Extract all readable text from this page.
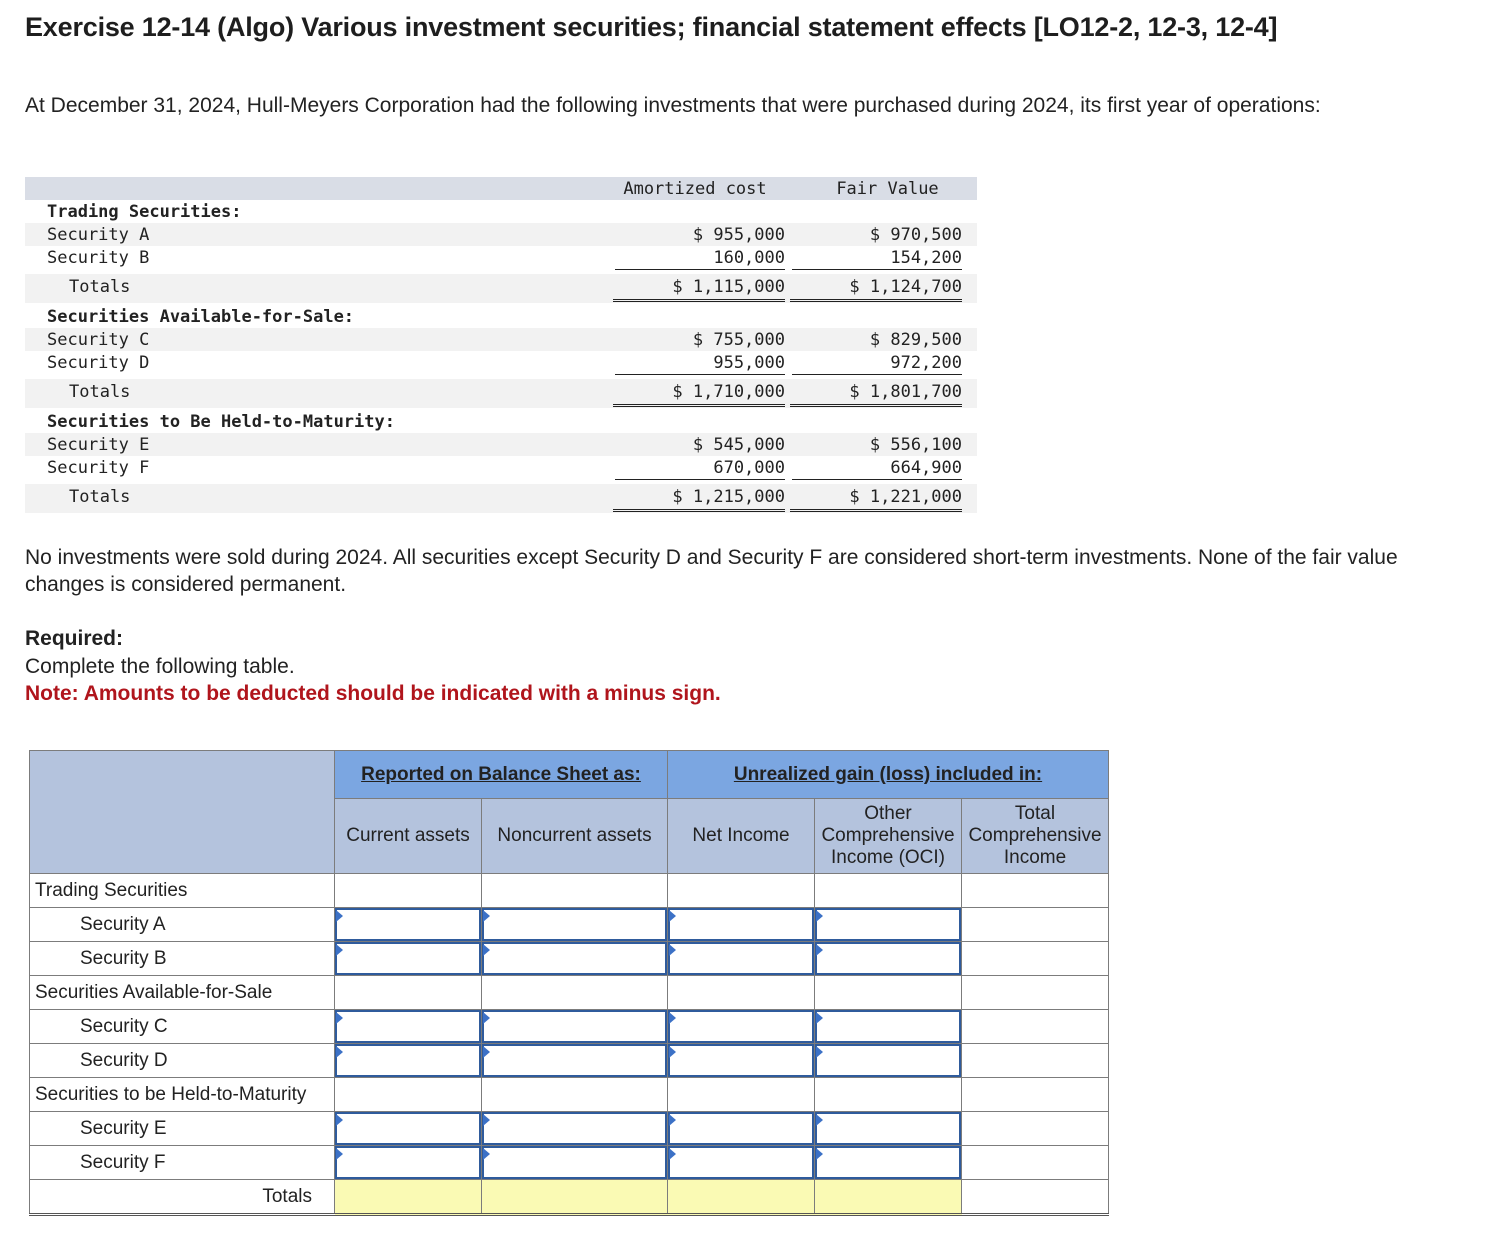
Exercise 12-14 (Algo) Various investment securities; financial statement effects [LO12-2, 12-3, 12-4]

At December 31, 2024, Hull-Meyers Corporation had the following investments that were purchased during 2024, its first year of operations:

Amortized cost	Fair Value
Trading Securities:
Security A	$ 955,000	$ 970,500
Security B	160,000	154,200
Totals	$ 1,115,000	$ 1,124,700
Securities Available-for-Sale:
Security C	$ 755,000	$ 829,500
Security D	955,000	972,200
Totals	$ 1,710,000	$ 1,801,700
Securities to Be Held-to-Maturity:
Security E	$ 545,000	$ 556,100
Security F	670,000	664,900
Totals	$ 1,215,000	$ 1,221,000

No investments were sold during 2024. All securities except Security D and Security F are considered short-term investments. None of the fair value changes is considered permanent.

Required:

Complete the following table.

Note: Amounts to be deducted should be indicated with a minus sign.

	Reported on Balance Sheet as:		Unrealized gain (loss) included in:		
	Current assets	Noncurrent assets	Net Income	Other Comprehensive Income (OCI)	Total Comprehensive Income
Trading Securities					
Security A	

Security B	

Securities Available-for-Sale					
Security C	

Security D	

Securities to be Held-to-Maturity					
Security E	

Security F	

Totals					
